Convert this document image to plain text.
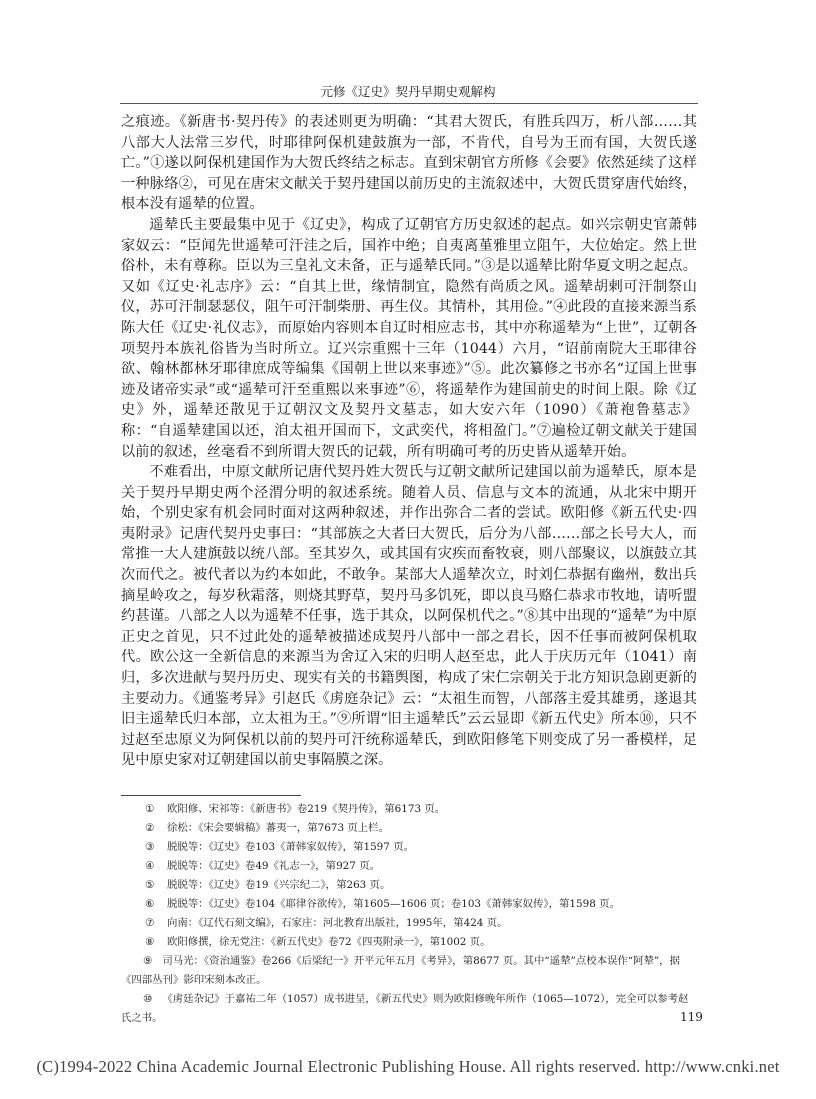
元修《辽史》契丹早期史观解构

之痕迹。《新唐书·契丹传》的表述则更为明确：“其君大贺氏，有胜兵四万，析八部……其八部大人法常三岁代，时耶律阿保机建鼓旗为一部，不肯代，自号为王而有国，大贺氏遂亡。”①遂以阿保机建国作为大贺氏终结之标志。直到宋朝官方所修《会要》依然延续了这样一种脉络②，可见在唐宋文献关于契丹建国以前历史的主流叙述中，大贺氏贯穿唐代始终，根本没有遥辇的位置。

遥辇氏主要最集中见于《辽史》，构成了辽朝官方历史叙述的起点。如兴宗朝史官萧韩家奴云：“臣闻先世遥辇可汗洼之后，国祚中绝；自夷离堇雅里立阻午，大位始定。然上世俗朴，未有尊称。臣以为三皇礼文未备，正与遥辇氏同。”③是以遥辇比附华夏文明之起点。又如《辽史·礼志序》云：“自其上世，缘情制宜，隐然有尚质之风。遥辇胡剌可汗制祭山仪，苏可汗制瑟瑟仪，阻午可汗制柴册、再生仪。其情朴，其用俭。”④此段的直接来源当系陈大任《辽史·礼仪志》，而原始内容则本自辽时相应志书，其中亦称遥辇为“上世”，辽朝各项契丹本族礼俗皆为当时所立。辽兴宗重熙十三年（1044）六月，“诏前南院大王耶律谷欲、翰林都林牙耶律庶成等编集《国朝上世以来事迹》”⑤。此次纂修之书亦名“辽国上世事迹及诸帝实录”或“遥辇可汗至重熙以来事迹”⑥，将遥辇作为建国前史的时间上限。除《辽史》外，遥辇还散见于辽朝汉文及契丹文墓志，如大安六年（1090）《萧袍鲁墓志》称：“自遥辇建国以还，洎太祖开国而下，文武奕代，将相盈门。”⑦遍检辽朝文献关于建国以前的叙述，丝毫看不到所谓大贺氏的记载，所有明确可考的历史皆从遥辇开始。

不难看出，中原文献所记唐代契丹姓大贺氏与辽朝文献所记建国以前为遥辇氏，原本是关于契丹早期史两个泾渭分明的叙述系统。随着人员、信息与文本的流通，从北宋中期开始，个别史家有机会同时面对这两种叙述，并作出弥合二者的尝试。欧阳修《新五代史·四夷附录》记唐代契丹史事曰：“其部族之大者曰大贺氏，后分为八部……部之长号大人，而常推一大人建旗鼓以统八部。至其岁久，或其国有灾疾而畜牧衰，则八部聚议，以旗鼓立其次而代之。被代者以为约本如此，不敢争。某部大人遥辇次立，时刘仁恭据有幽州，数出兵摘星岭攻之，每岁秋霜落，则烧其野草，契丹马多饥死，即以良马赂仁恭求市牧地，请听盟约甚谨。八部之人以为遥辇不任事，选于其众，以阿保机代之。”⑧其中出现的“遥辇”为中原正史之首见，只不过此处的遥辇被描述成契丹八部中一部之君长，因不任事而被阿保机取代。欧公这一全新信息的来源当为舍辽入宋的归明人赵至忠，此人于庆历元年（1041）南归，多次进献与契丹历史、现实有关的书籍舆图，构成了宋仁宗朝关于北方知识急剧更新的主要动力。《通鉴考异》引赵氏《虏庭杂记》云：“太祖生而智，八部落主爱其雄勇，遂退其旧主遥辇氏归本部，立太祖为王。”⑨所谓“旧主遥辇氏”云云显即《新五代史》所本⑩，只不过赵至忠原义为阿保机以前的契丹可汗统称遥辇氏，到欧阳修笔下则变成了另一番模样，足见中原史家对辽朝建国以前史事隔膜之深。

①	欧阳修、宋祁等：《新唐书》卷219《契丹传》，第6173 页。
②	徐松：《宋会要辑稿》蕃夷一，第7673 页上栏。
③	脱脱等：《辽史》卷103《萧韩家奴传》，第1597 页。
④	脱脱等：《辽史》卷49《礼志一》，第927 页。
⑤	脱脱等：《辽史》卷19《兴宗纪二》，第263 页。
⑥	脱脱等：《辽史》卷104《耶律谷欲传》，第1605—1606 页；卷103《萧韩家奴传》，第1598 页。
⑦	向南：《辽代石刻文编》，石家庄：河北教育出版社，1995年，第424 页。
⑧	欧阳修撰，徐无党注：《新五代史》卷72《四夷附录一》，第1002 页。
⑨ 司马光：《资治通鉴》卷266《后梁纪一》开平元年五月《考异》，第8677 页。其中“遥辇”点校本误作“阿辇”，据《四部丛刊》影印宋刻本改正。
⑩ 《虏廷杂记》于嘉祐二年（1057）成书进呈，《新五代史》则为欧阳修晚年所作（1065—1072），完全可以参考赵氏之书。	119
(C)1994-2022 China Academic Journal Electronic Publishing House. All rights reserved. http://www.cnki.net
